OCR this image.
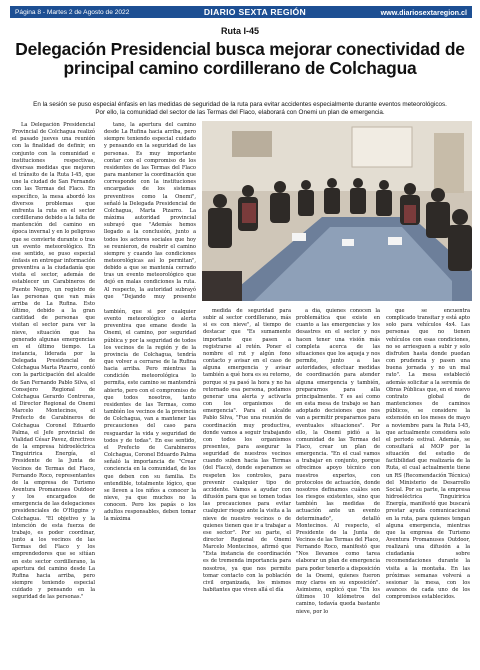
Página 8 - Martes 2 de Agosto de 2022	DIARIO SEXTA REGIÓN	www.diariosextaregion.cl
Ruta I-45
Delegación Presidencial busca mejorar conectividad de principal camino cordillerano de Colchagua
En la sesión se puso especial énfasis en las medidas de seguridad de la ruta para evitar accidentes especialmente durante eventos meteorológicos.
Por ello, la comunidad del sector de las Termas del Flaco, elaborará con Onemi un plan de emergencia.

La Delegación Presidencial Provincial de Colchagua realizó el pasado jueves una reunión con la finalidad de definir, en conjunto con la comunidad e instituciones respectivas, diversas medidas que mejoren el tránsito de la Ruta I-45, que une la ciudad de San Fernando con las Termas del Flaco. En específico, la mesa abordó los diversos problemas que enfrenta la ruta en el sector cordillerano debido a la falta de mantención del camino en época invernal y en lo peligroso que se convierte durante o tras un evento meteorológico. En ese sentido, se puso especial énfasis en entregar información preventiva a la ciudadanía que visita el sector, además de establecer un Carabineros de Puente Negro, un registro de las personas que van más arriba de La Rufina. Esto último, debido a la gran cantidad de personas que visitan el sector para ver la nieve, situación que ha generado algunas emergencias en el último tiempo. La instancia, liderada por la Delegada Presidencial de Colchagua Marta Pizarro, contó con la participación del alcalde de San Fernando Pablo Silva, el Consejero Regional de Colchagua Gerardo Contreras, el Director Regional de Onemi Marcelo Montecinos, el Prefecto de Carabineros de Colchagua Coronel Eduardo Palma, el Jefe provincial de Vialidad César Pavez, directivos de la empresa hidroeléctrica Tinguiririca Energía, el Presidente de la Junta de Vecinos de Termas del Flaco, Fernando Roco, representantes de la empresa de Turismo Aventura Promanuses Outdoor y los encargados de emergencia de las delegaciones presidenciales de O'Higgins y Colchagua. "El objetivo y la intención de esta fuerza de trabajo, es poder coordinar, junto a los vecinos de las Termas del Flaco y los emprendedores que se sitúan en este sector cordillerano, la apertura del camino desde La Rufina hacia arriba, pero siempre teniendo especial cuidado y pensando en la seguridad de las personas."

tano, la apertura del camino desde La Rufina hacia arriba, pero siempre teniendo especial cuidado y pensando en la seguridad de las personas. Es muy importante contar con el compromiso de los residentes de las Termas del Flaco para mantener la coordinación que corresponde con la instituciones encargadas de los sistemas preventivos como la Onemi", señaló la Delegada Presidencial de Colchagua, Marta Pizarro. La máxima autoridad provincial subrayó que "Además hemos llegado a la conclusión, junto a todos los actores sociales que hoy se reunieron, de reabrir el camino siempre y cuando las condiciones meteorológicas así lo permitan", debido a que se mantenía cerrado tras un evento meteorológico que dejó en malas condiciones la ruta. Al respecto, la autoridad subrayó que "Dejando muy presente

también, que si por cualquier evento meteorológico o alerta preventiva que emane desde la Onemi, el camino, por seguridad pública y por la seguridad de todos los vecinos de la región y de la provincia de Colchagua, tendría que volver a cerrarse de la Rufina hacia arriba. Pero mientras la condición meteorológica lo permita, este camino se mantendrá abierto, pero con el compromiso de que todos nosotros, tanto residentes de las Termas, como también los vecinos de la provincia de Colchagua, van a mantener las precauciones del caso para resguardar la vida y seguridad de todos y de todas". En ese sentido, el Prefecto de Carabineros Colchagua, Coronel Eduardo Palma señaló la importancia de "Crear conciencia en la comunidad, de los que deben con su familia. Es entendible, totalmente lógico, que se lleven a los niños a conocer la nieve, ya que muchos no la conocen. Pero los papás o los adultos responsables, deben tomar la máxima

medida de seguridad para subir al sector cordillerano, más si es con nieve", al tiempo de destacar que "Es sumamente importante que pasen a registrarse al retén. Poner el nombre el rut y algún fono contacto y avisar en el caso de alguna emergencia y avisar también a qué hora es su retorno, porque si ya pasó la hora y no ha retornado esa persona, podamos generar una alerta y activarla con los organismos de emergencia". Para el alcalde Pablo Silva, "Fue una reunión de coordinación muy productiva, donde vamos a seguir trabajando con todos los organismos presentes, para asegurar la seguridad de nuestros vecinos cuando suben hacia las Termas (del Flaco), donde esperamos se respeten los controles, para prevenir cualquier tipo de accidente. Vamos a ayudar con difusión para que se tomen todas las precauciones para evitar cualquier riesgo ante la visita a la nieve de nuestro vecinos o de quienes tienen que ir a trabajar a ese sector". Por su parte, el director Regional de Onemi Marcelo Montecinos, afirmó que "Esta instancia de coordinación es de tremenda importancia para nosotros, ya que nos permite tomar contacto con la población civil organizada, los mismos habitantes que viven allá el día

a día, quienes conocen la problemática que existe en cuanto a las emergencias y los desastres en el sector y nos hacen tener una visión más completa acerca de las situaciones que los aqueja y nos permite, junto a las autoridades, efectuar medidas de coordinación para atender alguna emergencia y también, prepararnos para alla principalmente. Y es así como en esta mesa de trabajo se han adoptado decisiones que nos van a permitir prepararnos para eventuales situaciones". Por ello, la Onemi pidió a la comunidad de las Termas del Flaco, crear un plan de emergencia. "En el cual vamos a trabajar en conjunto, porque ofrecimos apoyo técnico con nuestros expertos, con protocolos de actuación, donde nosotros definamos cuáles son los riesgos existentes, sino que también las medidas de actuación ante un evento determinado", detalló Montecinos. Al respecto, el Presidente de la Junta de Vecinos de las Termas del Flaco, Fernando Roco, manifestó que "Nos llevamos como tarea elaborar un plan de emergencia para poder tenerlo a disposición de la Onemi, quienes fueron muy claros en su exposición". Asimismo, explicó que "En los últimos 10 kilómetros del camino, todavía queda bastante nieve, por lo

que se encuentra complicado transitar y está apto solo para vehículos 4x4. Las personas que no tienen vehículos con esas condiciones, no se arriesguen a subir y solo disfruten hasta donde puedan con prudencia y pasen una buena jornada y no un mal rato". La mesa estableció además solicitar a la seremía de Obras Públicas que, en el nuevo contrato global de mantenciones de caminos públicos, se considere la extensión en los meses de mayo a noviembre para la Ruta I-45, que actualmente considera solo el periodo estival. Además, se consultará al MOP por la situación del estudio de factibilidad que realizaría de la Ruta, el cual actualmente tiene un RS (Recomendación Técnica) del Ministerio de Desarrollo Social. Por su parte, la empresa hidroeléctrica Tinguiririca Energía, manifestó que buscará prestar ayuda comunicacional en la ruta, para quienes tengan alguna emergencia, mientras que la empresa de Turismo Aventura Promanuses Outdoor, realizará una difusión a la ciudadanía sobre recomendaciones durante la visita a la montaña. En las próximas semanas volverá a sesionar la mesa, con los avances de cada uno de los compromisos establecidos.
